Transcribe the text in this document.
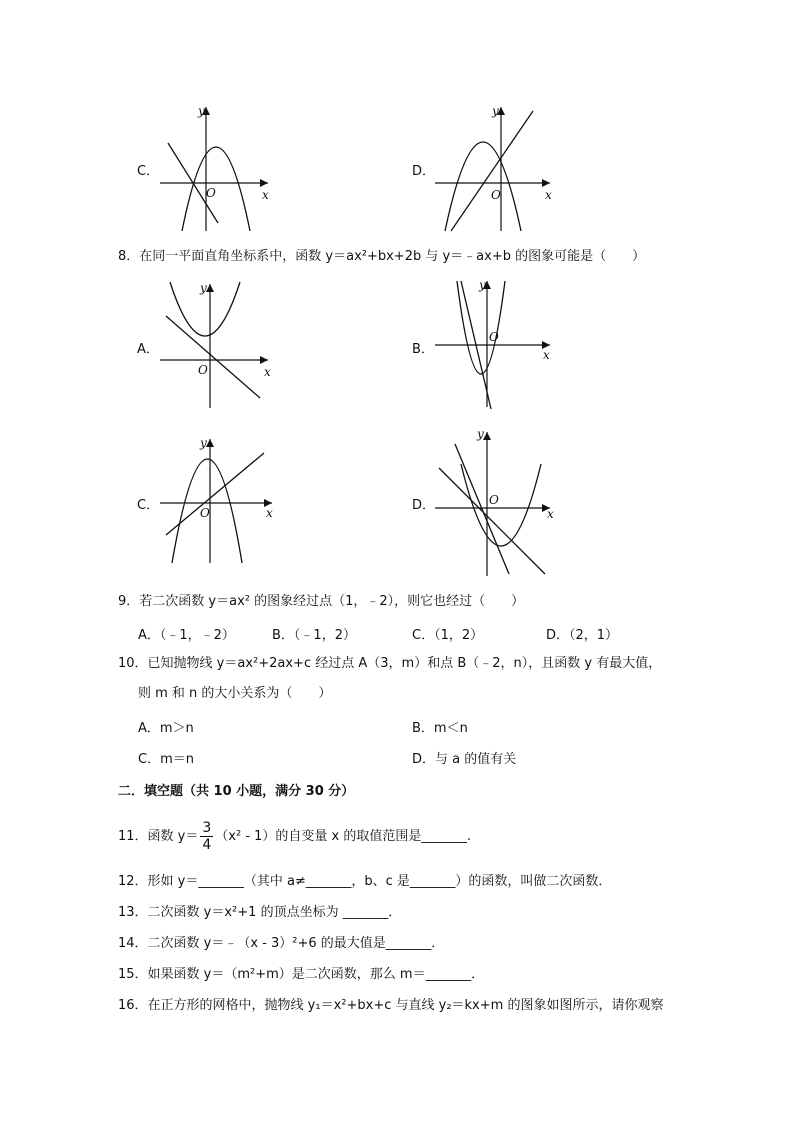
C．
y
x
O
D．
y
x
O
8．在同一平面直角坐标系中，函数 y＝ax²+bx+2b 与 y＝﹣ax+b 的图象可能是（　　）
A．
y
x
O
B．
y
x
O
C．
y
x
O	D．
y
x
O
9．若二次函数 y＝ax² 的图象经过点（1，﹣2），则它也经过（　　）
A．（﹣1，﹣2）	B．（﹣1，2）	C．（1，2）	D．（2，1）
10．已知抛物线 y＝ax²+2ax+c 经过点 A（3，m）和点 B（﹣2，n），且函数 y 有最大值，
则 m 和 n 的大小关系为（　　）
A．m＞n	B．m＜n
C．m＝n	D．与 a 的值有关
二．填空题（共 10 小题，满分 30 分）
11．函数 $y= \frac{3}{4} (x^2 - 1)$的自变量 x 的取值范围是_______.
12．形如 y＝_______（其中 a≠_______，b、c 是_______）的函数，叫做二次函数．
13．二次函数 y＝x²+1 的顶点坐标为 _______．
14．二次函数 y＝﹣（x - 3）²+6 的最大值是_______．
15．如果函数 y＝（m²+m）是二次函数，那么 m＝_______．
16．在正方形的网格中，抛物线 y₁＝x²+bx+c 与直线 y₂＝kx+m 的图象如图所示，请你观察
